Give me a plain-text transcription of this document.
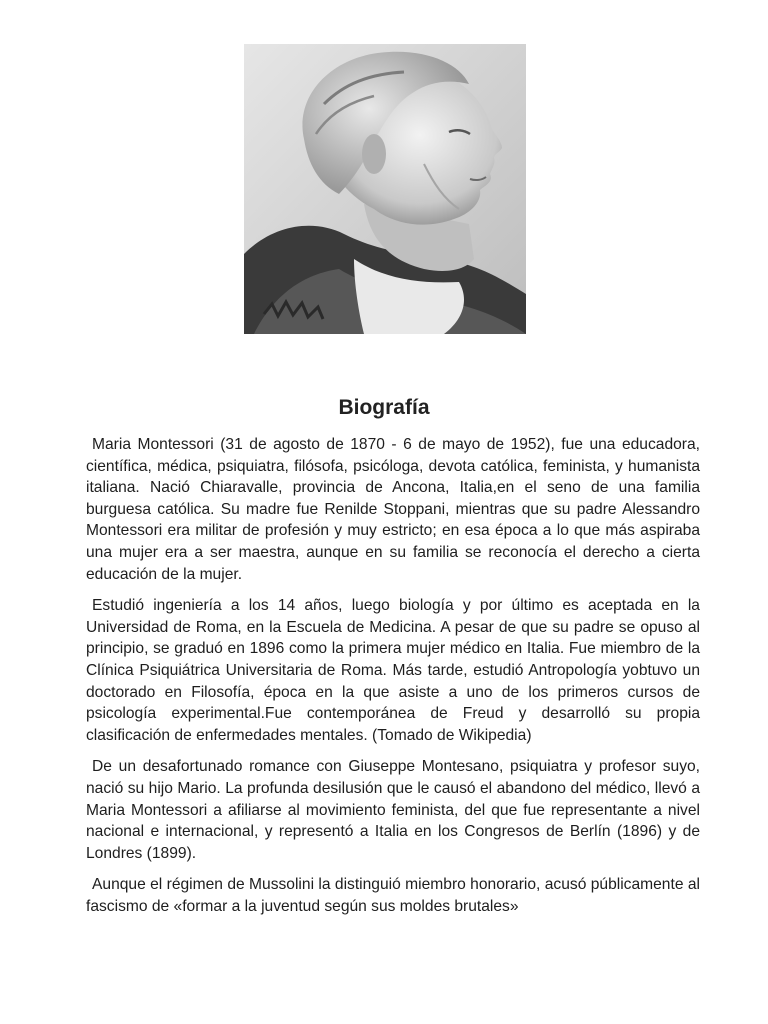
Biografía

Maria Montessori (31 de agosto de 1870 - 6 de mayo de 1952), fue una educadora, científica, médica, psiquiatra, filósofa, psicóloga, devota católica, feminista, y humanista italiana. Nació Chiaravalle, provincia de Ancona, Italia,en el seno de una familia burguesa católica. Su madre fue Renilde Stoppani, mientras que su padre Alessandro Montessori era militar de profesión y muy estricto; en esa época a lo que más aspiraba una mujer era a ser maestra, aunque en su familia se reconocía el derecho a cierta educación de la mujer.

Estudió ingeniería a los 14 años, luego biología y por último es aceptada en la Universidad de Roma, en la Escuela de Medicina. A pesar de que su padre se opuso al principio, se graduó en 1896 como la primera mujer médico en Italia. Fue miembro de la Clínica Psiquiátrica Universitaria de Roma. Más tarde, estudió Antropología yobtuvo un doctorado en Filosofía, época en la que asiste a uno de los primeros cursos de psicología experimental.Fue contemporánea de Freud y desarrolló su propia clasificación de enfermedades mentales. (Tomado de Wikipedia)

De un desafortunado romance con Giuseppe Montesano, psiquiatra y profesor suyo, nació su hijo Mario. La profunda desilusión que le causó el abandono del médico, llevó a Maria Montessori a afiliarse al movimiento feminista, del que fue representante a nivel nacional e internacional, y representó a Italia en los Congresos de Berlín (1896) y de Londres (1899).

Aunque el régimen de Mussolini la distinguió miembro honorario, acusó públicamente al fascismo de «formar a la juventud según sus moldes brutales»
